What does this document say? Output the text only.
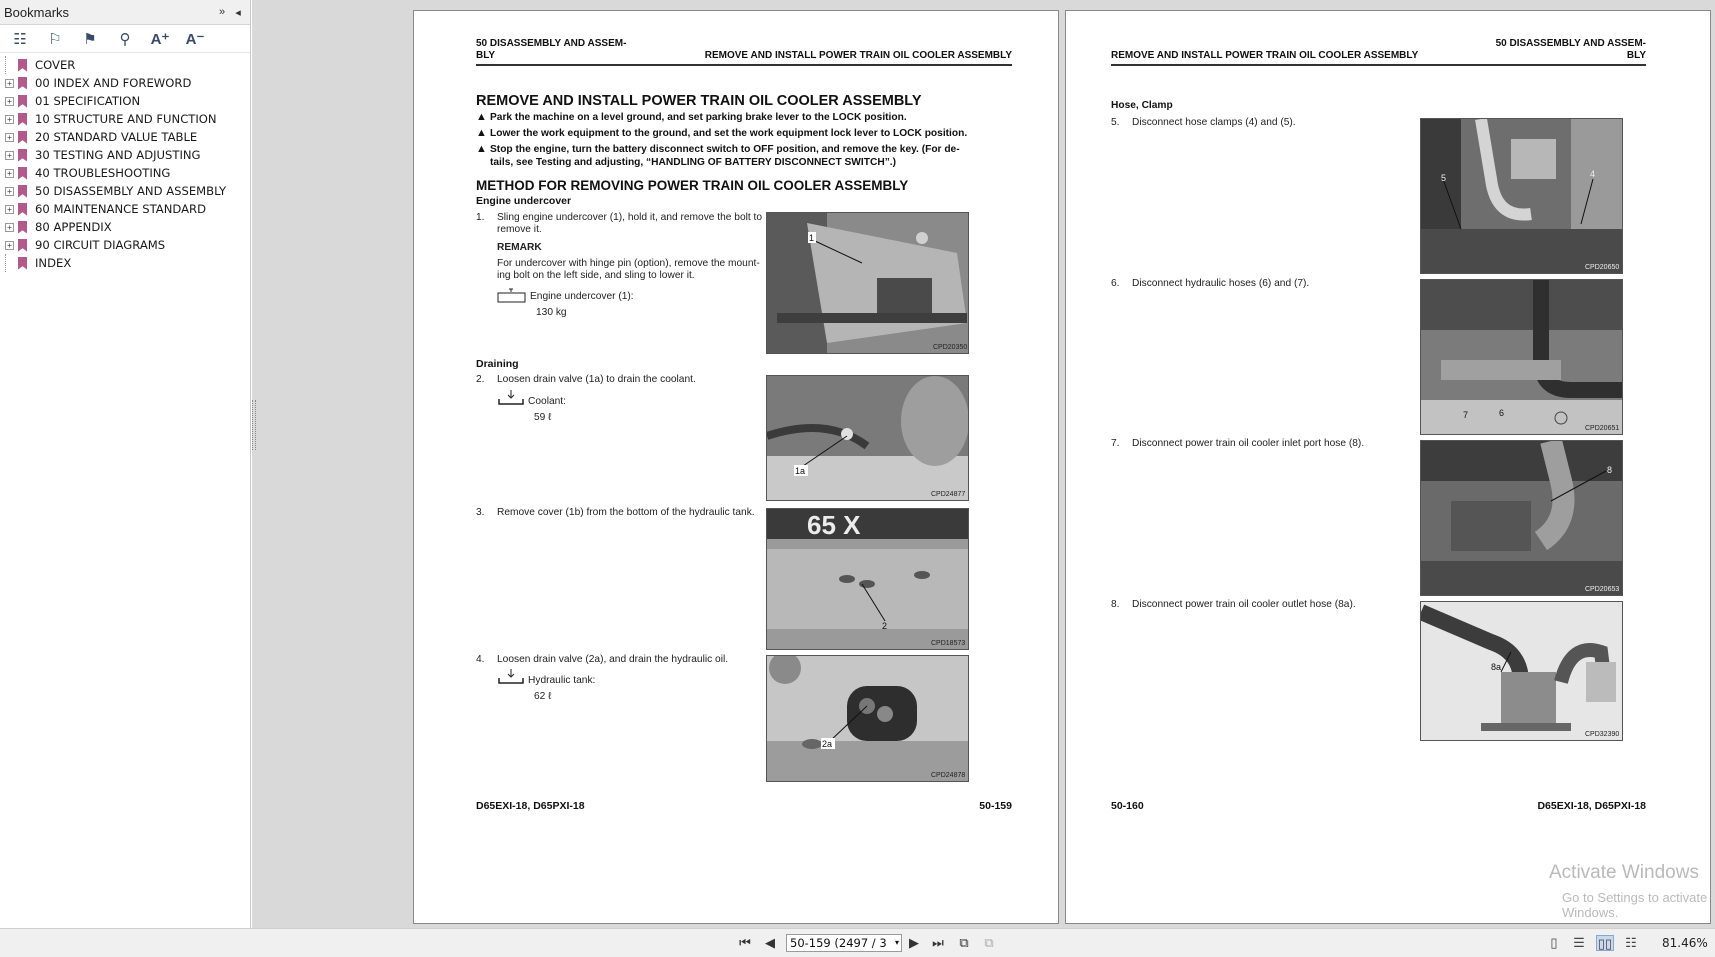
Bookmarks	» ◂
☷	⚐	⚑	⚲	A⁺ A⁻
COVER
+ 00 INDEX AND FOREWORD
+ 01 SPECIFICATION
+ 10 STRUCTURE AND FUNCTION
+ 20 STANDARD VALUE TABLE
+ 30 TESTING AND ADJUSTING
+ 40 TROUBLESHOOTING
+ 50 DISASSEMBLY AND ASSEMBLY
+ 60 MAINTENANCE STANDARD
+ 80 APPENDIX
+ 90 CIRCUIT DIAGRAMS
INDEX
50 DISASSEMBLY AND ASSEM-
BLY	REMOVE AND INSTALL POWER TRAIN OIL COOLER ASSEMBLY
REMOVE AND INSTALL POWER TRAIN OIL COOLER ASSEMBLY
▲ Park the machine on a level ground, and set parking brake lever to the LOCK position.
▲ Lower the work equipment to the ground, and set the work equipment lock lever to LOCK position.
▲ Stop the engine, turn the battery disconnect switch to OFF position, and remove the key. (For de-
tails, see Testing and adjusting, “HANDLING OF BATTERY DISCONNECT SWITCH”.)
METHOD FOR REMOVING POWER TRAIN OIL COOLER ASSEMBLY
Engine undercover
1.	Sling engine undercover (1), hold it, and remove the bolt to
remove it.
REMARK
For undercover with hinge pin (option), remove the mount-
ing bolt on the left side, and sling to lower it.
Engine undercover (1):
130 kg
Draining
2.	Loosen drain valve (1a) to drain the coolant.
Coolant:
59 ℓ
3.	Remove cover (1b) from the bottom of the hydraulic tank.
4.	Loosen drain valve (2a), and drain the hydraulic oil.
Hydraulic tank:
62 ℓ
1
CPD20350
1a
CPD24877
65 X
2
CPD18573
2a
CPD24878
D65EXI-18, D65PXI-18	50-159
REMOVE AND INSTALL POWER TRAIN OIL COOLER ASSEMBLY
50 DISASSEMBLY AND ASSEM-
BLY
Hose, Clamp
5.	Disconnect hose clamps (4) and (5).
6.	Disconnect hydraulic hoses (6) and (7).
7.	Disconnect power train oil cooler inlet port hose (8).
8.	Disconnect power train oil cooler outlet hose (8a).
5	4
CPD20650
7	6
CPD20651
8
CPD20653
8a
CPD32390
50-160	D65EXI-18, D65PXI-18
Activate Windows
Go to Settings to activate Windows.
⏮	◀	50-159 (2497 / 3 ▾ ▶	⏭	⧉	⧉	▯	☰ ▯▯ ☷ 81.46%
